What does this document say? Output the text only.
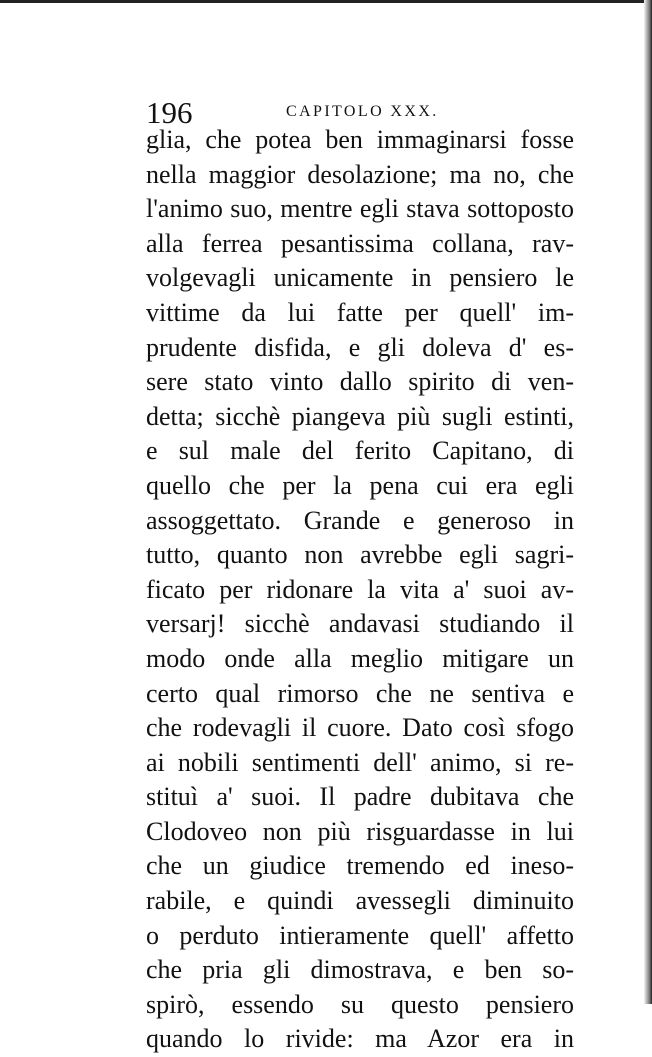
196	CAPITOLO XXX.
glia, che potea ben immaginarsi fosse
nella maggior desolazione; ma no, che
l'animo suo, mentre egli stava sottoposto
alla ferrea pesantissima collana, rav-
volgevagli unicamente in pensiero le
vittime da lui fatte per quell' im-
prudente disfida, e gli doleva d' es-
sere stato vinto dallo spirito di ven-
detta; sicchè piangeva più sugli estinti,
e sul male del ferito Capitano, di
quello che per la pena cui era egli
assoggettato. Grande e generoso in
tutto, quanto non avrebbe egli sagri-
ficato per ridonare la vita a' suoi av-
versarj! sicchè andavasi studiando il
modo onde alla meglio mitigare un
certo qual rimorso che ne sentiva e
che rodevagli il cuore. Dato così sfogo
ai nobili sentimenti dell' animo, si re-
stituì a' suoi. Il padre dubitava che
Clodoveo non più risguardasse in lui
che un giudice tremendo ed ineso-
rabile, e quindi avessegli diminuito
o perduto intieramente quell' affetto
che pria gli dimostrava, e ben so-
spirò, essendo su questo pensiero
quando lo rivide: ma Azor era in
